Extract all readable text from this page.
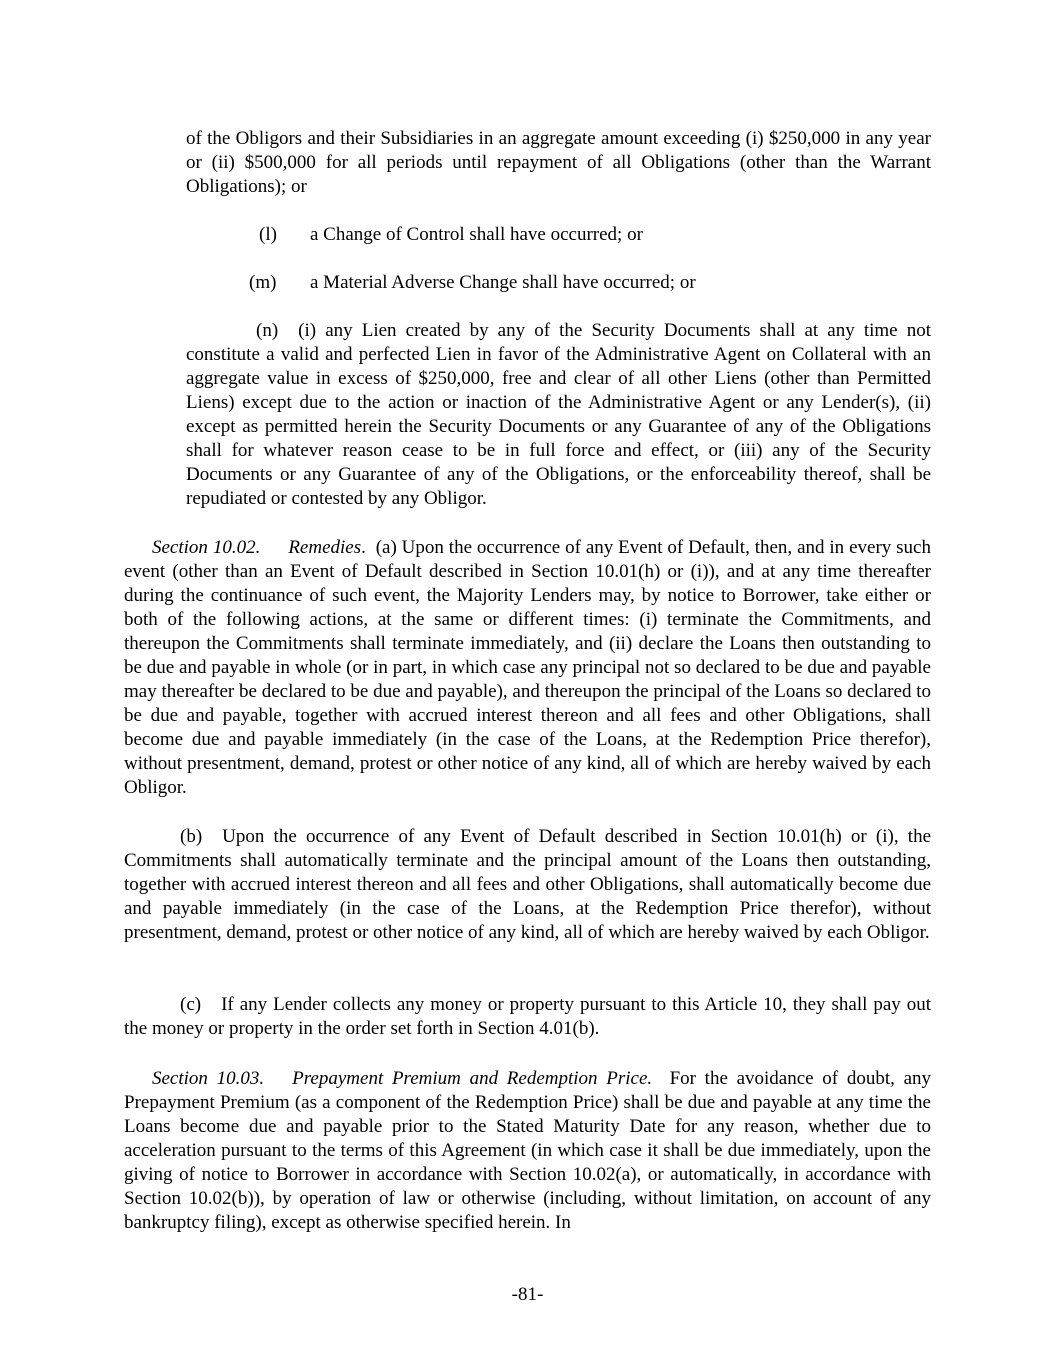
of the Obligors and their Subsidiaries in an aggregate amount exceeding (i) $250,000 in any year or (ii) $500,000 for all periods until repayment of all Obligations (other than the Warrant Obligations); or

(l) a Change of Control shall have occurred; or

(m) a Material Adverse Change shall have occurred; or

(n) (i) any Lien created by any of the Security Documents shall at any time not constitute a valid and perfected Lien in favor of the Administrative Agent on Collateral with an aggregate value in excess of $250,000, free and clear of all other Liens (other than Permitted Liens) except due to the action or inaction of the Administrative Agent or any Lender(s), (ii) except as permitted herein the Security Documents or any Guarantee of any of the Obligations shall for whatever reason cease to be in full force and effect, or (iii) any of the Security Documents or any Guarantee of any of the Obligations, or the enforceability thereof, shall be repudiated or contested by any Obligor.

Section 10.02. Remedies. (a) Upon the occurrence of any Event of Default, then, and in every such event (other than an Event of Default described in Section 10.01(h) or (i)), and at any time thereafter during the continuance of such event, the Majority Lenders may, by notice to Borrower, take either or both of the following actions, at the same or different times: (i) terminate the Commitments, and thereupon the Commitments shall terminate immediately, and (ii) declare the Loans then outstanding to be due and payable in whole (or in part, in which case any principal not so declared to be due and payable may thereafter be declared to be due and payable), and thereupon the principal of the Loans so declared to be due and payable, together with accrued interest thereon and all fees and other Obligations, shall become due and payable immediately (in the case of the Loans, at the Redemption Price therefor), without presentment, demand, protest or other notice of any kind, all of which are hereby waived by each Obligor.

(b) Upon the occurrence of any Event of Default described in Section 10.01(h) or (i), the Commitments shall automatically terminate and the principal amount of the Loans then outstanding, together with accrued interest thereon and all fees and other Obligations, shall automatically become due and payable immediately (in the case of the Loans, at the Redemption Price therefor), without presentment, demand, protest or other notice of any kind, all of which are hereby waived by each Obligor.

(c) If any Lender collects any money or property pursuant to this Article 10, they shall pay out the money or property in the order set forth in Section 4.01(b).

Section 10.03. Prepayment Premium and Redemption Price. For the avoidance of doubt, any Prepayment Premium (as a component of the Redemption Price) shall be due and payable at any time the Loans become due and payable prior to the Stated Maturity Date for any reason, whether due to acceleration pursuant to the terms of this Agreement (in which case it shall be due immediately, upon the giving of notice to Borrower in accordance with Section 10.02(a), or automatically, in accordance with Section 10.02(b)), by operation of law or otherwise (including, without limitation, on account of any bankruptcy filing), except as otherwise specified herein. In

-81-
